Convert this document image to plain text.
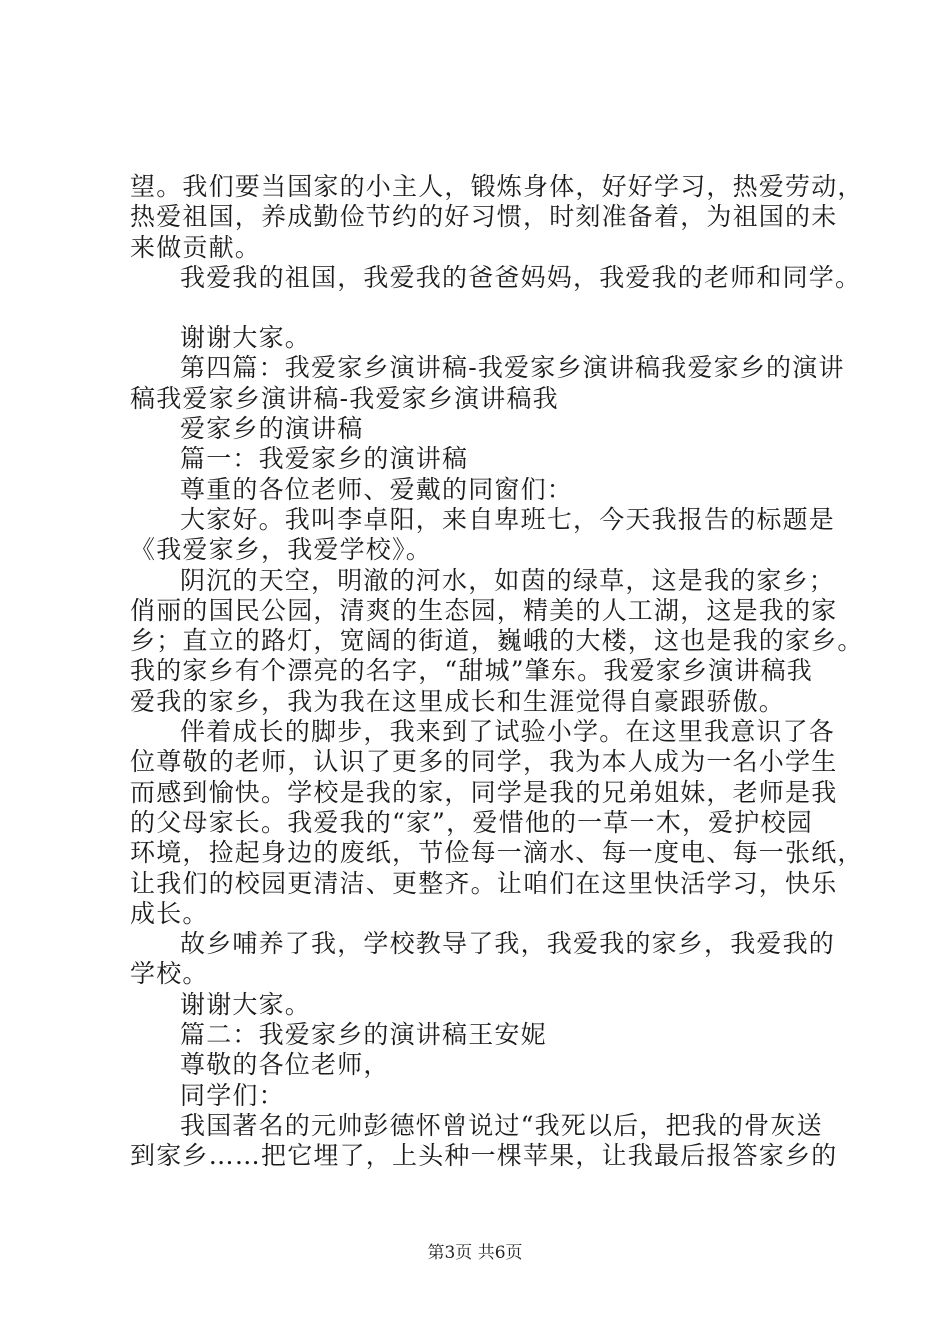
望。我们要当国家的小主人，锻炼身体，好好学习，热爱劳动，
热爱祖国，养成勤俭节约的好习惯，时刻准备着，为祖国的未
来做贡献。
我爱我的祖国，我爱我的爸爸妈妈，我爱我的老师和同学。
谢谢大家。
第四篇：我爱家乡演讲稿-我爱家乡演讲稿我爱家乡的演讲
稿我爱家乡演讲稿-我爱家乡演讲稿我
爱家乡的演讲稿
篇一：我爱家乡的演讲稿
尊重的各位老师、爱戴的同窗们：
大家好。我叫李卓阳，来自卑班七，今天我报告的标题是
《我爱家乡，我爱学校》。
阴沉的天空，明澈的河水，如茵的绿草，这是我的家乡；
俏丽的国民公园，清爽的生态园，精美的人工湖，这是我的家
乡；直立的路灯，宽阔的街道，巍峨的大楼，这也是我的家乡。
我的家乡有个漂亮的名字，“甜城”肇东。我爱家乡演讲稿我
爱我的家乡，我为我在这里成长和生涯觉得自豪跟骄傲。
伴着成长的脚步，我来到了试验小学。在这里我意识了各
位尊敬的老师，认识了更多的同学，我为本人成为一名小学生
而感到愉快。学校是我的家，同学是我的兄弟姐妹，老师是我
的父母家长。我爱我的“家”，爱惜他的一草一木，爱护校园
环境，捡起身边的废纸，节俭每一滴水、每一度电、每一张纸，
让我们的校园更清洁、更整齐。让咱们在这里快活学习，快乐
成长。
故乡哺养了我，学校教导了我，我爱我的家乡，我爱我的
学校。
谢谢大家。
篇二：我爱家乡的演讲稿王安妮
尊敬的各位老师，
同学们：
我国著名的元帅彭德怀曾说过“我死以后，把我的骨灰送
到家乡……把它埋了，上头种一棵苹果，让我最后报答家乡的
第3页 共6页
